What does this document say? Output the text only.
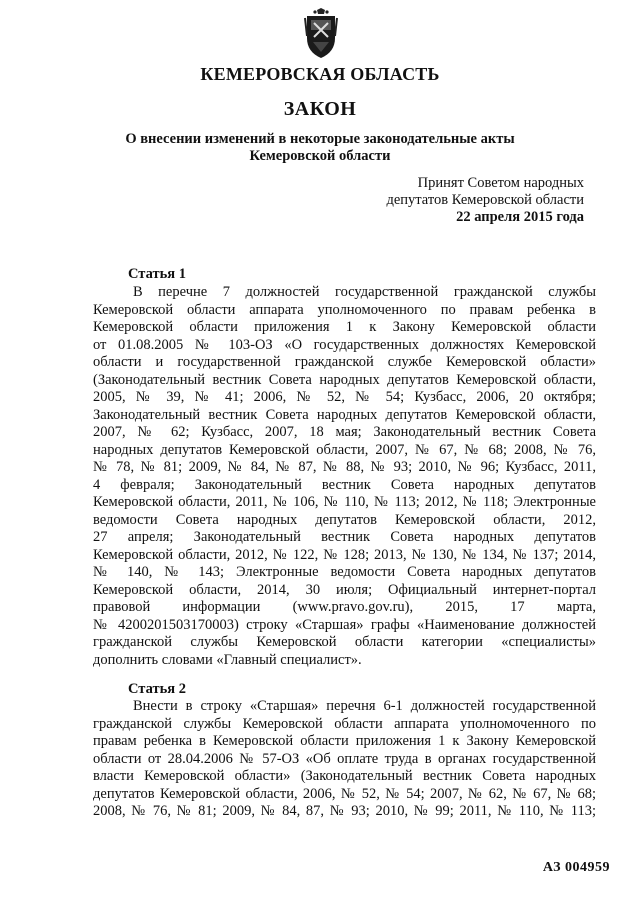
КЕМЕРОВСКАЯ ОБЛАСТЬ
ЗАКОН
О внесении изменений в некоторые законодательные акты
Кемеровской области
Принят Советом народных
депутатов Кемеровской области
22 апреля 2015 года
Статья 1
В перечне 7 должностей государственной гражданской службы
Кемеровской области аппарата уполномоченного по правам ребенка в
Кемеровской области приложения 1 к Закону Кемеровской области
от 01.08.2005 № 103-ОЗ «О государственных должностях Кемеровской
области и государственной гражданской службе Кемеровской области»
(Законодательный вестник Совета народных депутатов Кемеровской области,
2005, № 39, № 41; 2006, № 52, № 54; Кузбасс, 2006, 20 октября;
Законодательный вестник Совета народных депутатов Кемеровской области,
2007, № 62; Кузбасс, 2007, 18 мая; Законодательный вестник Совета
народных депутатов Кемеровской области, 2007, № 67, № 68; 2008, № 76,
№ 78, № 81; 2009, № 84, № 87, № 88, № 93; 2010, № 96; Кузбасс, 2011,
4 февраля; Законодательный вестник Совета народных депутатов
Кемеровской области, 2011, № 106, № 110, № 113; 2012, № 118; Электронные
ведомости Совета народных депутатов Кемеровской области, 2012,
27 апреля; Законодательный вестник Совета народных депутатов
Кемеровской области, 2012, № 122, № 128; 2013, № 130, № 134, № 137; 2014,
№ 140, № 143; Электронные ведомости Совета народных депутатов
Кемеровской области, 2014, 30 июля; Официальный интернет-портал
правовой информации (www.pravo.gov.ru), 2015, 17 марта,
№ 4200201503170003) строку «Старшая» графы «Наименование должностей
гражданской службы Кемеровской области категории «специалисты»
дополнить словами «Главный специалист».
Статья 2
Внести в строку «Старшая» перечня 6-1 должностей государственной
гражданской службы Кемеровской области аппарата уполномоченного по
правам ребенка в Кемеровской области приложения 1 к Закону Кемеровской
области от 28.04.2006 № 57-ОЗ «Об оплате труда в органах государственной
власти Кемеровской области» (Законодательный вестник Совета народных
депутатов Кемеровской области, 2006, № 52, № 54; 2007, № 62, № 67, № 68;
2008, № 76, № 81; 2009, № 84, 87, № 93; 2010, № 99; 2011, № 110, № 113;
АЗ 004959
